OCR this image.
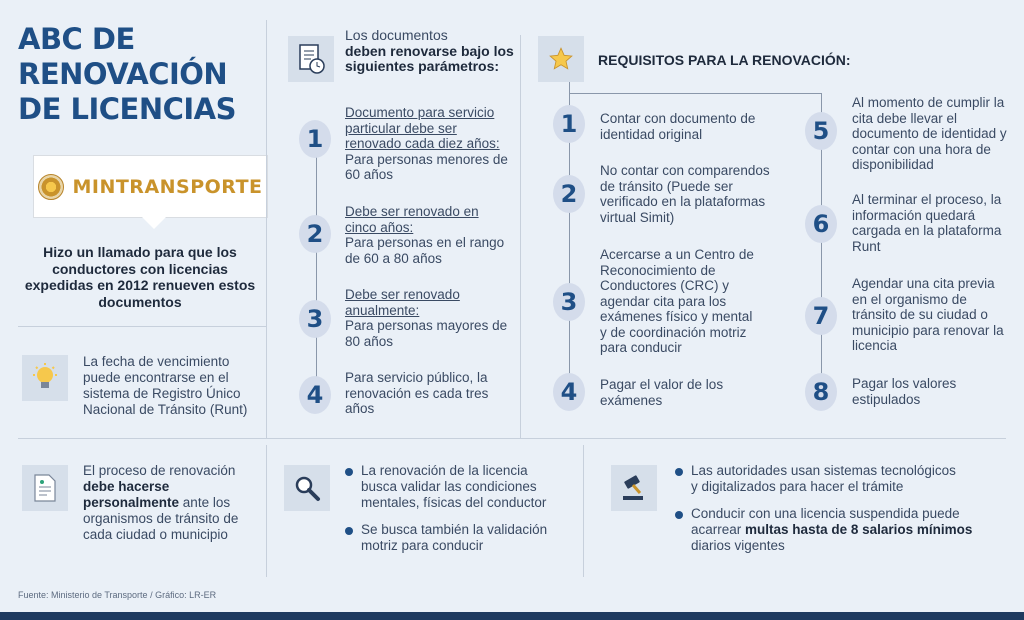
ABC DE
RENOVACIÓN
DE LICENCIAS
MINTRANSPORTE
Hizo un llamado para que los conductores con licencias expedidas en 2012 renueven estos documentos
La fecha de vencimiento puede encontrarse en el sistema de Registro Único Nacional de Tránsito (Runt)
Los documentos
deben renovarse bajo los siguientes parámetros:
1
Documento para servicio particular debe ser renovado cada diez años:
Para personas menores de 60 años
2
Debe ser renovado en cinco años:
Para personas en el rango de 60 a 80 años
3
Debe ser renovado anualmente:
Para personas mayores de 80 años
4
Para servicio público, la renovación es cada tres años
REQUISITOS PARA LA RENOVACIÓN:
1	Contar con documento de identidad original
2
No contar con comparendos de tránsito (Puede ser verificado en la plataformas virtual Simit)
3
Acercarse a un Centro de Reconocimiento de Conductores (CRC) y agendar cita para los exámenes físico y mental y de coordinación motriz para conducir
4	Pagar el valor de los exámenes
5
Al momento de cumplir la cita debe llevar el documento de identidad y contar con una hora de disponibilidad
6
Al terminar el proceso, la información quedará cargada en la plataforma Runt
7
Agendar una cita previa en el organismo de tránsito de su ciudad o municipio para renovar la licencia
8	Pagar los valores estipulados
El proceso de renovación debe hacerse personalmente ante los organismos de tránsito de cada ciudad o municipio
La renovación de la licencia busca validar las condiciones mentales, físicas del conductor
Se busca también la validación motriz para conducir
Las autoridades usan sistemas tecnológicos y digitalizados para hacer el trámite
Conducir con una licencia suspendida puede acarrear multas hasta de 8 salarios mínimos diarios vigentes
Fuente: Ministerio de Transporte / Gráfico: LR-ER
